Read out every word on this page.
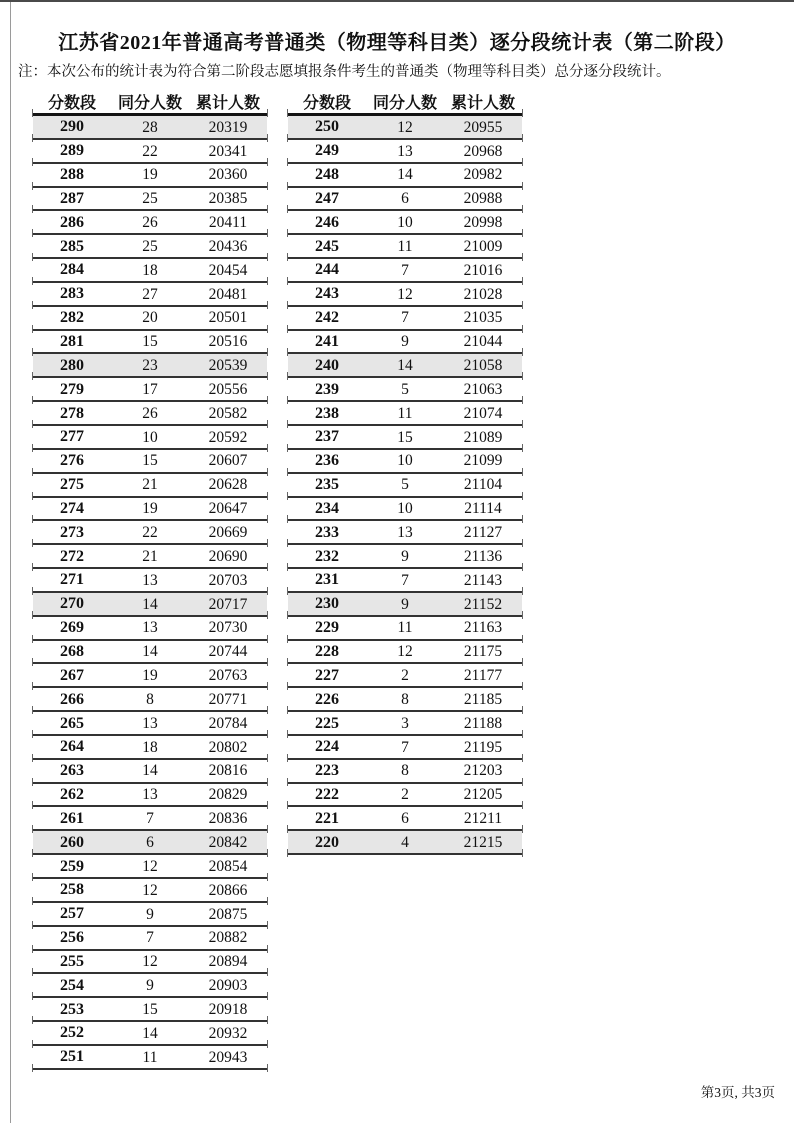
江苏省2021年普通高考普通类（物理等科目类）逐分段统计表（第二阶段）

注：本次公布的统计表为符合第二阶段志愿填报条件考生的普通类（物理等科目类）总分逐分段统计。

分数段	同分人数 累计人数
290	28	20319
289	22	20341
288	19	20360
287	25	20385
286	26	20411
285	25	20436
284	18	20454
283	27	20481
282	20	20501
281	15	20516
280	23	20539
279	17	20556
278	26	20582
277	10	20592
276	15	20607
275	21	20628
274	19	20647
273	22	20669
272	21	20690
271	13	20703
270	14	20717
269	13	20730
268	14	20744
267	19	20763
266	8	20771
265	13	20784
264	18	20802
263	14	20816
262	13	20829
261	7	20836
260	6	20842
259	12	20854
258	12	20866
257	9	20875
256	7	20882
255	12	20894
254	9	20903
253	15	20918
252	14	20932
251	11	20943
分数段	同分人数 累计人数
250	12	20955
249	13	20968
248	14	20982
247	6	20988
246	10	20998
245	11	21009
244	7	21016
243	12	21028
242	7	21035
241	9	21044
240	14	21058
239	5	21063
238	11	21074
237	15	21089
236	10	21099
235	5	21104
234	10	21114
233	13	21127
232	9	21136
231	7	21143
230	9	21152
229	11	21163
228	12	21175
227	2	21177
226	8	21185
225	3	21188
224	7	21195
223	8	21203
222	2	21205
221	6	21211
220	4	21215
第3页, 共3页
